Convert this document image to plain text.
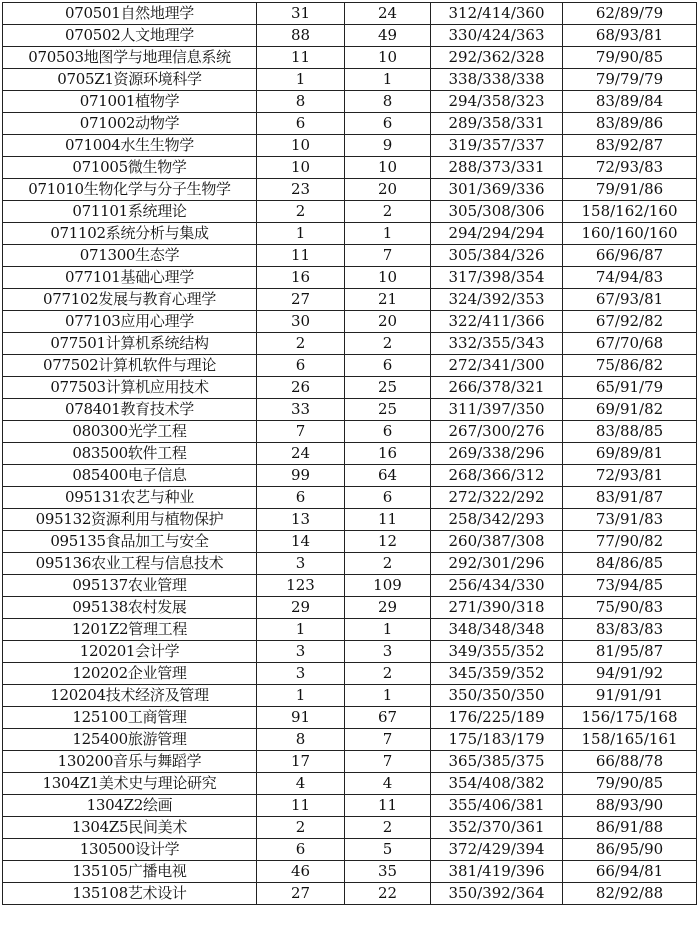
070501自然地理学	31	24	312/414/360	62/89/79
070502人文地理学	88	49	330/424/363	68/93/81
070503地图学与地理信息系统	11	10	292/362/328	79/90/85
0705Z1资源环境科学	1	1	338/338/338	79/79/79
071001植物学	8	8	294/358/323	83/89/84
071002动物学	6	6	289/358/331	83/89/86
071004水生生物学	10	9	319/357/337	83/92/87
071005微生物学	10	10	288/373/331	72/93/83
071010生物化学与分子生物学	23	20	301/369/336	79/91/86
071101系统理论	2	2	305/308/306	158/162/160
071102系统分析与集成	1	1	294/294/294	160/160/160
071300生态学	11	7	305/384/326	66/96/87
077101基础心理学	16	10	317/398/354	74/94/83
077102发展与教育心理学	27	21	324/392/353	67/93/81
077103应用心理学	30	20	322/411/366	67/92/82
077501计算机系统结构	2	2	332/355/343	67/70/68
077502计算机软件与理论	6	6	272/341/300	75/86/82
077503计算机应用技术	26	25	266/378/321	65/91/79
078401教育技术学	33	25	311/397/350	69/91/82
080300光学工程	7	6	267/300/276	83/88/85
083500软件工程	24	16	269/338/296	69/89/81
085400电子信息	99	64	268/366/312	72/93/81
095131农艺与种业	6	6	272/322/292	83/91/87
095132资源利用与植物保护	13	11	258/342/293	73/91/83
095135食品加工与安全	14	12	260/387/308	77/90/82
095136农业工程与信息技术	3	2	292/301/296	84/86/85
095137农业管理	123	109	256/434/330	73/94/85
095138农村发展	29	29	271/390/318	75/90/83
1201Z2管理工程	1	1	348/348/348	83/83/83
120201会计学	3	3	349/355/352	81/95/87
120202企业管理	3	2	345/359/352	94/91/92
120204技术经济及管理	1	1	350/350/350	91/91/91
125100工商管理	91	67	176/225/189	156/175/168
125400旅游管理	8	7	175/183/179	158/165/161
130200音乐与舞蹈学	17	7	365/385/375	66/88/78
1304Z1美术史与理论研究	4	4	354/408/382	79/90/85
1304Z2绘画	11	11	355/406/381	88/93/90
1304Z5民间美术	2	2	352/370/361	86/91/88
130500设计学	6	5	372/429/394	86/95/90
135105广播电视	46	35	381/419/396	66/94/81
135108艺术设计	27	22	350/392/364	82/92/88
